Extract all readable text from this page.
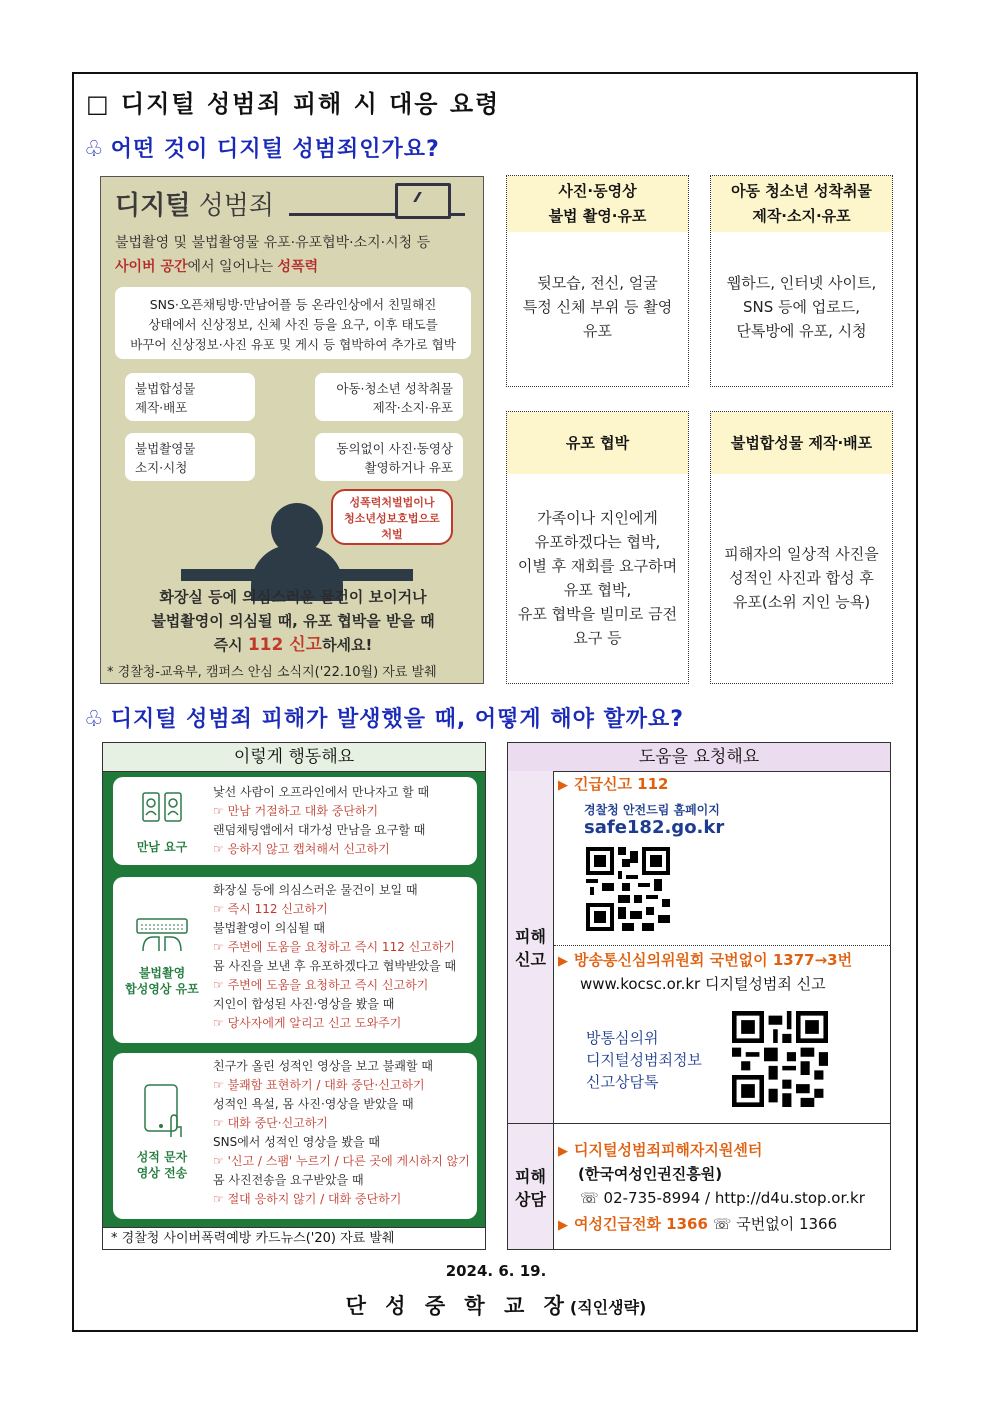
□ 디지털 성범죄 피해 시 대응 요령
♧ 어떤 것이 디지털 성범죄인가요?
디지털 성범죄
불법촬영 및 불법촬영물 유포·유포협박·소지·시청 등
사이버 공간에서 일어나는 성폭력
SNS·오픈채팅방·만남어플 등 온라인상에서 친밀해진
상태에서 신상정보, 신체 사진 등을 요구, 이후 태도를
바꾸어 신상정보·사진 유포 및 게시 등 협박하여 추가로 협박
불법합성물
제작·배포
아동·청소년 성착취물
제작·소지·유포
불법촬영물
소지·시청
동의없이 사진·동영상
촬영하거나 유포
성폭력처벌법이나
청소년성보호법으로
처벌
화장실 등에 의심스러운 물건이 보이거나
불법촬영이 의심될 때, 유포 협박을 받을 때
즉시 112 신고하세요!
* 경찰청-교육부, 캠퍼스 안심 소식지('22.10월) 자료 발췌
사진·동영상
불법 촬영·유포
뒷모습, 전신, 얼굴
특정 신체 부위 등 촬영
유포
아동 청소년 성착취물
제작·소지·유포
웹하드, 인터넷 사이트,
SNS 등에 업로드,
단톡방에 유포, 시청
유포 협박
가족이나 지인에게
유포하겠다는 협박,
이별 후 재회를 요구하며
유포 협박,
유포 협박을 빌미로 금전
요구 등
불법합성물 제작·배포
피해자의 일상적 사진을
성적인 사진과 합성 후
유포(소위 지인 능욕)
♧ 디지털 성범죄 피해가 발생했을 때, 어떻게 해야 할까요?
이렇게 행동해요
만남 요구
낯선 사람이 오프라인에서 만나자고 할 때
☞ 만남 거절하고 대화 중단하기
랜덤채팅앱에서 대가성 만남을 요구할 때
☞ 응하지 않고 캡쳐해서 신고하기
불법촬영
합성영상 유포
화장실 등에 의심스러운 물건이 보일 때
☞ 즉시 112 신고하기
불법촬영이 의심될 때
☞ 주변에 도움을 요청하고 즉시 112 신고하기
몸 사진을 보낸 후 유포하겠다고 협박받았을 때
☞ 주변에 도움을 요청하고 즉시 신고하기
지인이 합성된 사진·영상을 봤을 때
☞ 당사자에게 알리고 신고 도와주기
성적 문자
영상 전송
친구가 올린 성적인 영상을 보고 불쾌할 때
☞ 불쾌함 표현하기 / 대화 중단·신고하기
성적인 욕설, 몸 사진·영상을 받았을 때
☞ 대화 중단·신고하기
SNS에서 성적인 영상을 봤을 때
☞ '신고 / 스팸' 누르기 / 다른 곳에 게시하지 않기
몸 사진전송을 요구받았을 때
☞ 절대 응하지 않기 / 대화 중단하기
* 경찰청 사이버폭력예방 카드뉴스('20) 자료 발췌
도움을 요청해요
피해
신고
피해
상담
▶ 긴급신고 112
경찰청 안전드림 홈페이지
safe182.go.kr
▶ 방송통신심의위원회 국번없이 1377→3번
www.kocsc.or.kr 디지털성범죄 신고
방통심의위
디지털성범죄정보
신고상담톡
▶ 디지털성범죄피해자지원센터
(한국여성인권진흥원)
☏ 02-735-8994 / http://d4u.stop.or.kr
▶ 여성긴급전화 1366 ☏ 국번없이 1366
2024. 6. 19.
단 성 중 학 교 장(직인생략)
